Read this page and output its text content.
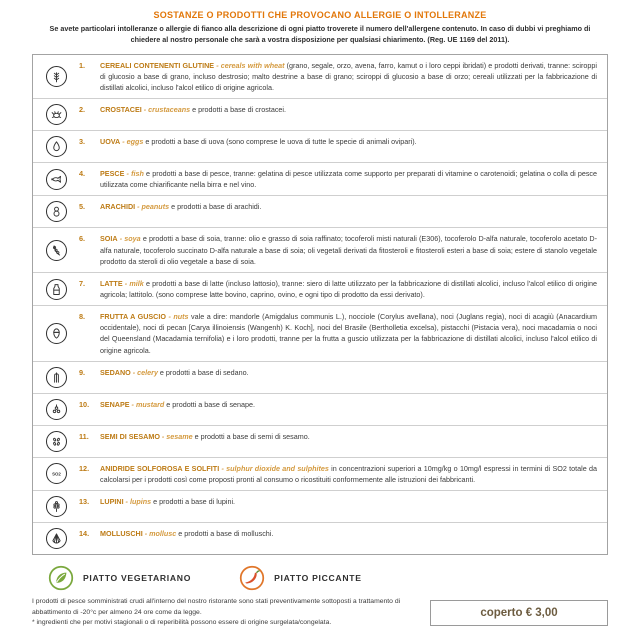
SOSTANZE O PRODOTTI CHE PROVOCANO ALLERGIE O INTOLLERANZE
Se avete particolari intolleranze o allergie di fianco alla descrizione di ogni piatto troverete il numero dell'allergene contenuto. In caso di dubbi vi preghiamo di chiedere al nostro personale che sarà a vostra disposizione per qualsiasi chiarimento. (Reg. UE 1169 del 2011).
1.	CEREALI CONTENENTI GLUTINE - cereals with wheat (grano, segale, orzo, avena, farro, kamut o i loro ceppi ibridati) e prodotti derivati, tranne: sciroppi di glucosio a base di grano, incluso destrosio; malto destrine a base di grano; sciroppi di glucosio a base di orzo; cereali utilizzati per la fabbricazione di distillati alcolici, incluso l'alcol etilico di origine agricola.
2.	CROSTACEI - crustaceans e prodotti a base di crostacei.
3.	UOVA - eggs e prodotti a base di uova (sono comprese le uova di tutte le specie di animali ovipari).
4.	PESCE - fish e prodotti a base di pesce, tranne: gelatina di pesce utilizzata come supporto per preparati di vitamine o carotenoidi; gelatina o colla di pesce utilizzata come chiarificante nella birra e nel vino.
5.	ARACHIDI - peanuts e prodotti a base di arachidi.
6.	SOIA - soya e prodotti a base di soia, tranne: olio e grasso di soia raffinato; tocoferoli misti naturali (E306), tocoferolo D-alfa naturale, tocoferolo acetato D-alfa naturale, tocoferolo succinato D-alfa naturale a base di soia; oli vegetali derivati da fitosteroli e fitosteroli esteri a base di soia; estere di stanolo vegetale prodotto da steroli di olio vegetale a base di soia.
7.	LATTE - milk e prodotti a base di latte (incluso lattosio), tranne: siero di latte utilizzato per la fabbricazione di distillati alcolici, incluso l'alcol etilico di origine agricola; lattitolo. (sono comprese latte bovino, caprino, ovino, e ogni tipo di prodotto da essi derivato).
8.	FRUTTA A GUSCIO - nuts vale a dire: mandorle (Amigdalus communis L.), nocciole (Corylus avellana), noci (Juglans regia), noci di acagiù (Anacardium occidentale), noci di pecan [Carya illinoiensis (Wangenh) K. Koch], noci del Brasile (Bertholletia excelsa), pistacchi (Pistacia vera), noci macadamia o noci del Queensland (Macadamia ternifolia) e i loro prodotti, tranne per la frutta a guscio utilizzata per la fabbricazione di distillati alcolici, incluso l'alcol etilico di origine agricola.
9.	SEDANO - celery e prodotti a base di sedano.
10.	SENAPE - mustard e prodotti a base di senape.
11.	SEMI DI SESAMO - sesame e prodotti a base di semi di sesamo.
SO2
12.	ANIDRIDE SOLFOROSA E SOLFITI - sulphur dioxide and sulphites in concentrazioni superiori a 10mg/kg o 10mg/l espressi in termini di SO2 totale da calcolarsi per i prodotti così come proposti pronti al consumo o ricostituiti conformemente alle istruzioni dei fabbricanti.
13.	LUPINI - lupins e prodotti a base di lupini.
14.	MOLLUSCHI - mollusc e prodotti a base di molluschi.
PIATTO VEGETARIANO	PIATTO PICCANTE

I prodotti di pesce somministrati crudi all'interno del nostro ristorante sono stati preventivamente sottoposti a trattamento di abbattimento di -20°c per almeno 24 ore come da legge.

* ingredienti che per motivi stagionali o di reperibilità possono essere di origine surgelata/congelata.

coperto € 3,00
